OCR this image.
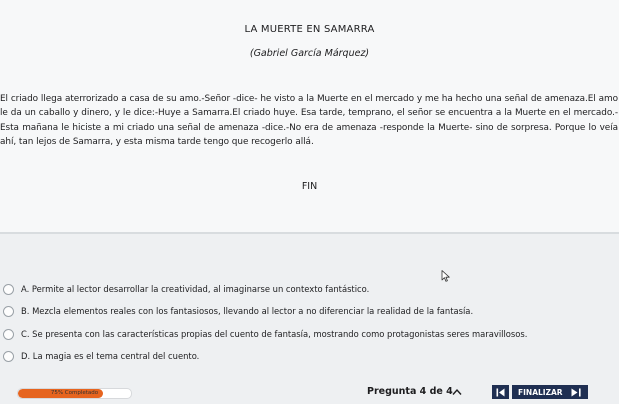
LA MUERTE EN SAMARRA
(Gabriel García Márquez)

El criado llega aterrorizado a casa de su amo.-Señor -dice- he visto a la Muerte en el mercado y me ha hecho una señal de amenaza.El amo le da un caballo y dinero, y le dice:-Huye a Samarra.El criado huye. Esa tarde, temprano, el señor se encuentra a la Muerte en el mercado.-Esta mañana le hiciste a mi criado una señal de amenaza -dice.-No era de amenaza -responde la Muerte- sino de sorpresa. Porque lo veía ahí, tan lejos de Samarra, y esta misma tarde tengo que recogerlo allá.

FIN
A. Permite al lector desarrollar la creatividad, al imaginarse un contexto fantástico.
B. Mezcla elementos reales con los fantasiosos, llevando al lector a no diferenciar la realidad de la fantasía.
C. Se presenta con las características propias del cuento de fantasía, mostrando como protagonistas seres maravillosos.
D. La magia es el tema central del cuento.
75% Completado	Pregunta 4 de 4	FINALIZAR
